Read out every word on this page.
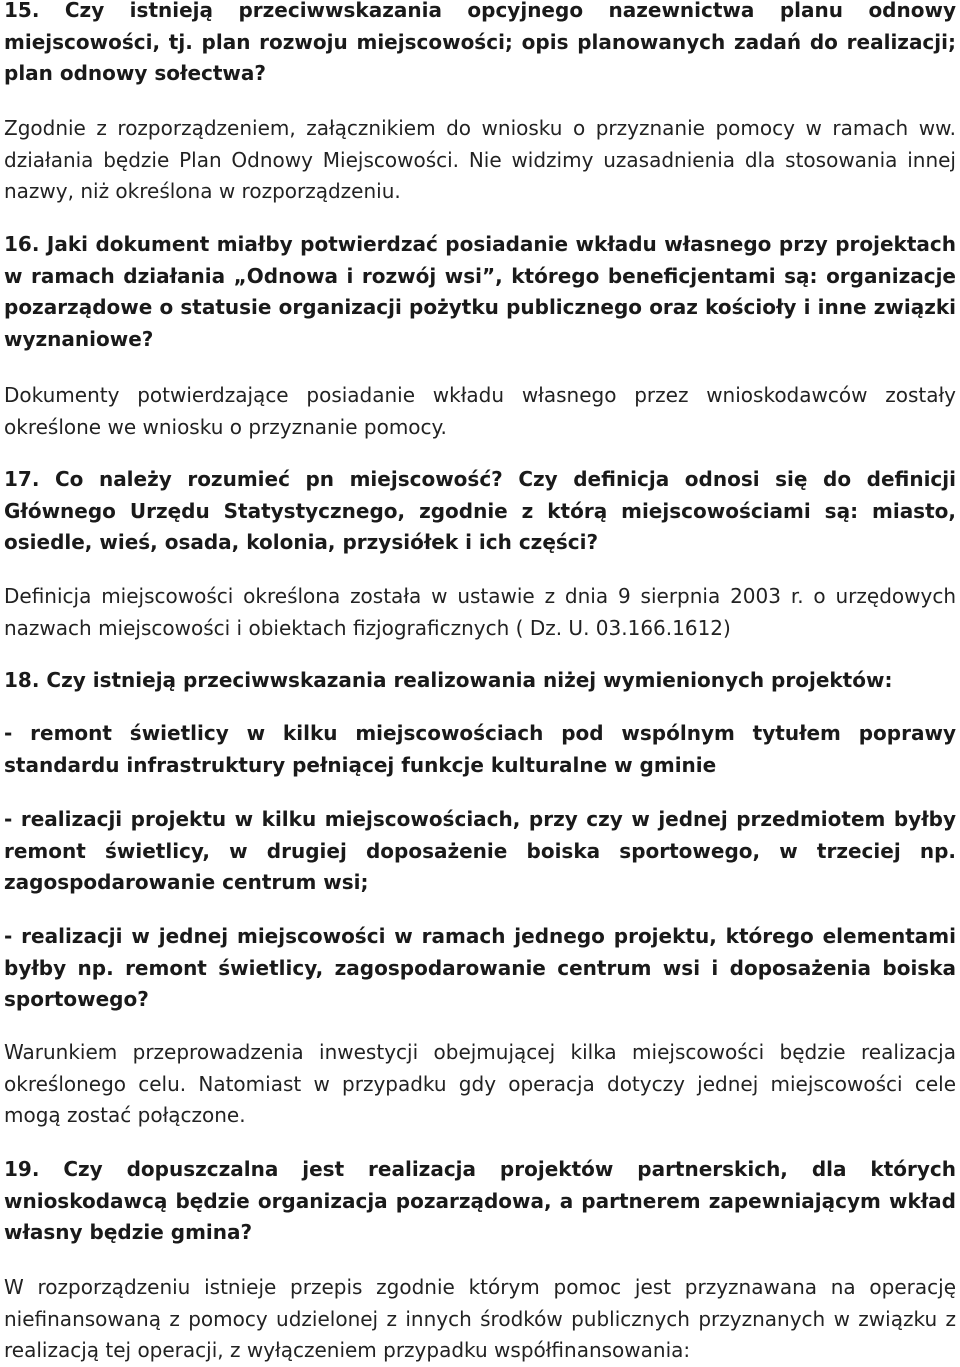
15. Czy istnieją przeciwwskazania opcyjnego nazewnictwa planu odnowy miejscowości, tj. plan rozwoju miejscowości; opis planowanych zadań do realizacji; plan odnowy sołectwa?

Zgodnie z rozporządzeniem, załącznikiem do wniosku o przyznanie pomocy w ramach ww. działania będzie Plan Odnowy Miejscowości. Nie widzimy uzasadnienia dla stosowania innej nazwy, niż określona w rozporządzeniu.

16. Jaki dokument miałby potwierdzać posiadanie wkładu własnego przy projektach w ramach działania „Odnowa i rozwój wsi”, którego beneficjentami są: organizacje pozarządowe o statusie organizacji pożytku publicznego oraz kościoły i inne związki wyznaniowe?

Dokumenty potwierdzające posiadanie wkładu własnego przez wnioskodawców zostały określone we wniosku o przyznanie pomocy.

17. Co należy rozumieć pn miejscowość? Czy definicja odnosi się do definicji Głównego Urzędu Statystycznego, zgodnie z którą miejscowościami są: miasto, osiedle, wieś, osada, kolonia, przysiółek i ich części?

Definicja miejscowości określona została w ustawie z dnia 9 sierpnia 2003 r. o urzędowych nazwach miejscowości i obiektach fizjograficznych ( Dz. U. 03.166.1612)

18. Czy istnieją przeciwwskazania realizowania niżej wymienionych projektów:

- remont świetlicy w kilku miejscowościach pod wspólnym tytułem poprawy standardu infrastruktury pełniącej funkcje kulturalne w gminie

- realizacji projektu w kilku miejscowościach, przy czy w jednej przedmiotem byłby remont świetlicy, w drugiej doposażenie boiska sportowego, w trzeciej np. zagospodarowanie centrum wsi;

- realizacji w jednej miejscowości w ramach jednego projektu, którego elementami byłby np. remont świetlicy, zagospodarowanie centrum wsi i doposażenia boiska sportowego?

Warunkiem przeprowadzenia inwestycji obejmującej kilka miejscowości będzie realizacja określonego celu. Natomiast w przypadku gdy operacja dotyczy jednej miejscowości cele mogą zostać połączone.

19. Czy dopuszczalna jest realizacja projektów partnerskich, dla których wnioskodawcą będzie organizacja pozarządowa, a partnerem zapewniającym wkład własny będzie gmina?

W rozporządzeniu istnieje przepis zgodnie którym pomoc jest przyznawana na operację niefinansowaną z pomocy udzielonej z innych środków publicznych przyznanych w związku z realizacją tej operacji, z wyłączeniem przypadku współfinansowania:
